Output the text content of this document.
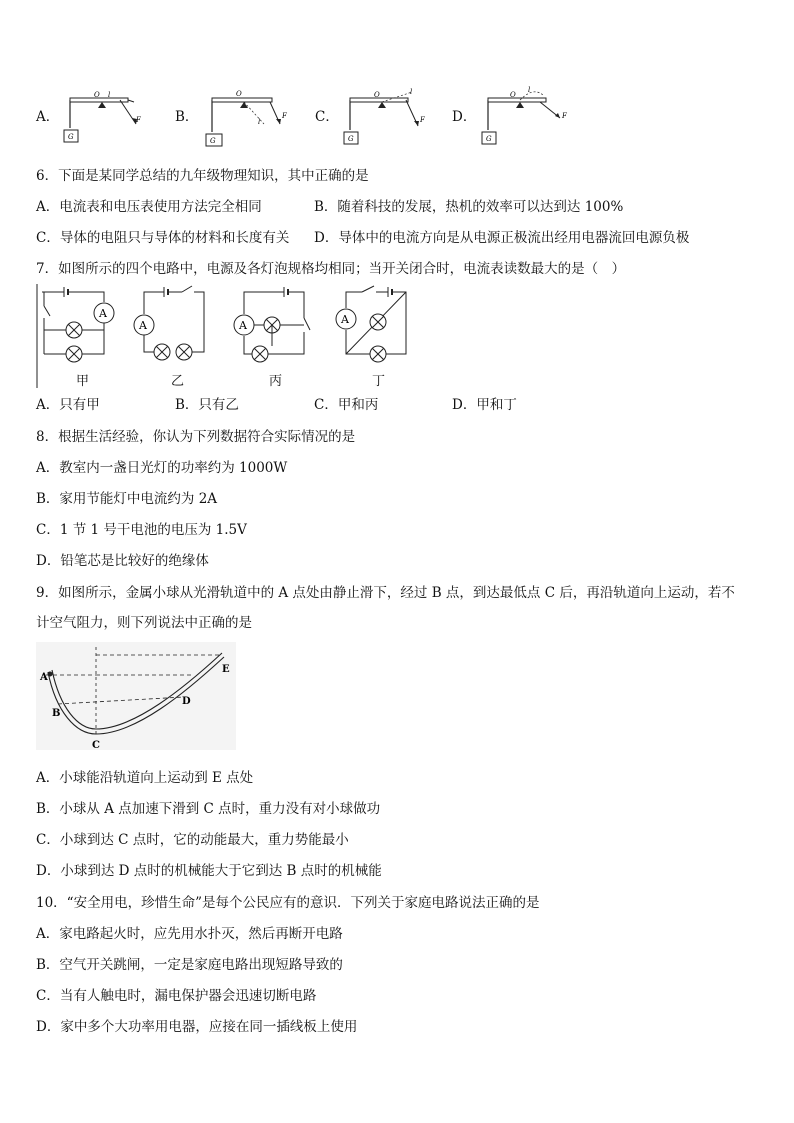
A．	B．	C．	D．
O l
F
G
O
l
F
G
O	l
F
G
O
l
F
G
6．下面是某同学总结的九年级物理知识，其中正确的是
A．电流表和电压表使用方法完全相同	B．随着科技的发展，热机的效率可以达到达 100%
C．导体的电阻只与导体的材料和长度有关 D．导体中的电流方向是从电源正极流出经用电器流回电源负极
7．如图所示的四个电路中，电源及各灯泡规格均相同；当开关闭合时，电流表读数最大的是（　）
A
A	A	A
甲	乙	丙	丁
A．只有甲	B．只有乙	C．甲和丙	D．甲和丁
8．根据生活经验，你认为下列数据符合实际情况的是
A．教室内一盏日光灯的功率约为 1000W
B．家用节能灯中电流约为 2A
C．1 节 1 号干电池的电压为 1.5V
D．铅笔芯是比较好的绝缘体
9．如图所示，金属小球从光滑轨道中的 A 点处由静止滑下，经过 B 点，到达最低点 C 后，再沿轨道向上运动，若不
计空气阻力，则下列说法中正确的是
A
B
C
D
E
A．小球能沿轨道向上运动到 E 点处
B．小球从 A 点加速下滑到 C 点时，重力没有对小球做功
C．小球到达 C 点时，它的动能最大，重力势能最小
D．小球到达 D 点时的机械能大于它到达 B 点时的机械能
10．“安全用电，珍惜生命”是每个公民应有的意识．下列关于家庭电路说法正确的是
A．家电路起火时，应先用水扑灭，然后再断开电路
B．空气开关跳闸，一定是家庭电路出现短路导致的
C．当有人触电时，漏电保护器会迅速切断电路
D．家中多个大功率用电器，应接在同一插线板上使用
